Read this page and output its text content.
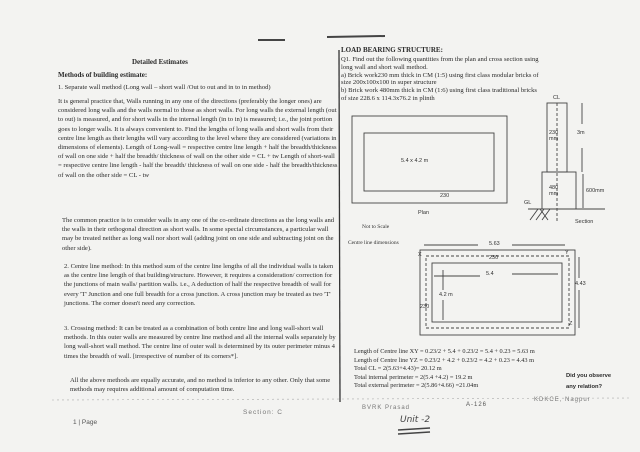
Detailed Estimates
Methods of building estimate:
1. Separate wall method (Long wall – short wall /Out to out and in to in method)
It is general practice that, Walls running in any one of the directions (preferably the longer ones) are considered long walls and the walls normal to those as short walls. For long walls the external length (out to out) is measured, and for short walls in the internal length (in to in) is measured; i.e., the joint portion goes to longer walls. It is always convenient to. Find the lengths of long walls and short walls from their centre line length as their lengths will vary according to the level where they are considered (variations in dimensions of elements). Length of Long-wall = respective centre line length + half the breadth/thickness of wall on one side + half the breadth/ thickness of wall on the other side = CL + tw Length of short-wall = respective centre line length - half the breadth/ thickness of wall on one side - half the breadth/thickness of wall on the other side = CL - tw
The common practice is to consider walls in any one of the co-ordinate directions as the long walls and the walls in their orthogonal direction as short walls. In some special circumstances, a particular wall may be treated neither as long wall nor short wall (adding joint on one side and subtracting joint on the other side).
2. Centre line method: In this method sum of the centre line lengths of all the individual walls is taken as the centre line length of that building/structure. However, it requires a consideration/ correction for the junctions of main walls/ partition walls. i.e., A deduction of half the respective breadth of wall for every 'T' Junction and one full breadth for a cross junction. A cross junction may be treated as two 'T' junctions. The corner doesn't need any correction.
3. Crossing method: It can be treated as a combination of both centre line and long wall-short wall methods. In this outer walls are measured by centre line method and all the internal walls separately by long wall-short wall method. The centre line of outer wall is determined by its outer perimeter minus 4 times the breadth of wall. [irrespective of number of its corners*].
All the above methods are equally accurate, and no method is inferior to any other. Only that some methods may requires additional amount of computation time.
Section: C
1 | Page
LOAD BEARING STRUCTURE:
Q1. Find out the following quantities from the plan and cross section using long wall and short wall method.
a) Brick work230 mm thick in CM (1:5) using first class modular bricks of size 200x100x100 in super structure
b) Brick work 480mm thick in CM (1:6) using first class traditional bricks of size 228.6 x 114.3x76.2 in plinth
5.4 x 4.2 m
230
Plan
Not to Scale
CL
230 mm
3m
480 mm	600mm
GL
Section
Centre line dimensions	5.63
230
5.4
4.2 m
4.43
230
X	Y
Z
Length of Centre line XY = 0.23/2 + 5.4 + 0.23/2 = 5.4 + 0.23 = 5.63 m
Length of Centre line YZ = 0.23/2 + 4.2 + 0.23/2 = 4.2 + 0.23 = 4.43 m
Total CL = 2(5.63+4.43)= 20.12 m
Total internal perimeter = 2(5.4 +4.2) = 19.2 m
Total external perimeter = 2(5.86+4.66) =21.04m
Did you observe
any relation?
BVRK Prasad	A-126
KDKCE, Nagpur
Unit -2
